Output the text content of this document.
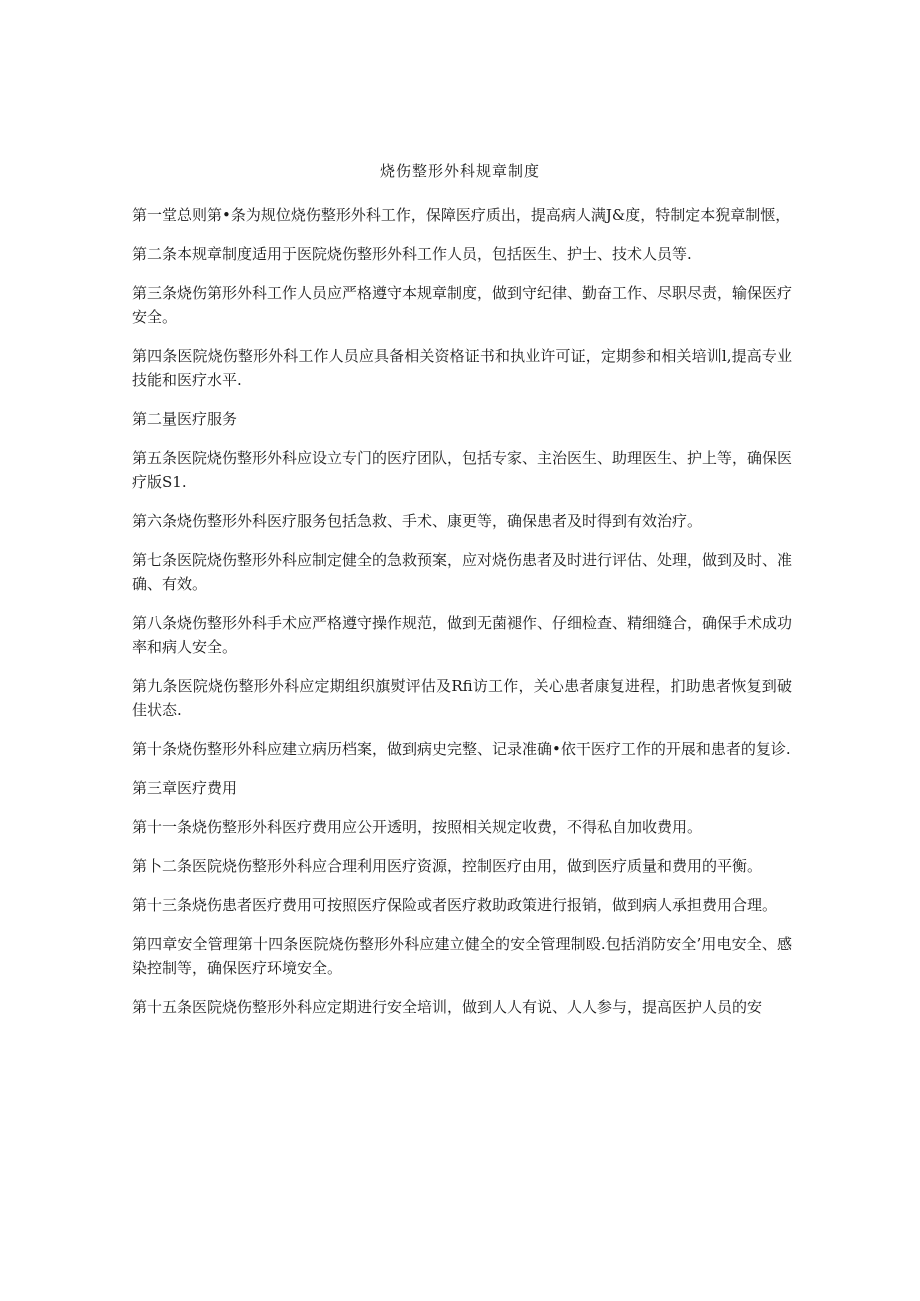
烧伤整形外科规章制度

第一堂总则第•条为规位烧伤整形外科工作，保障医疗质出，提高病人满J&度，特制定本猊章制惬，

第二条本规章制度适用于医院烧伤整形外科工作人员，包括医生、护士、技术人员等.

第三条烧伤第形外科工作人员应严格遵守本规章制度，做到守纪律、勤奋工作、尽职尽责，输保医疗安全。

第四条医院烧伤整形外科工作人员应具备相关资格证书和执业许可证，定期参和相关培训l,提高专业技能和医疗水平.

第二量医疗服务

第五条医院烧伤整形外科应设立专门的医疗团队，包括专家、主治医生、助理医生、护上等，确保医疗版S1.

第六条烧伤整形外科医疗服务包括急救、手术、康更等，确保患者及时得到有效治疗。

第七条医院烧伤整形外科应制定健全的急救预案，应对烧伤患者及时进行评估、处理，做到及时、准确、有效。

第八条烧伤整形外科手术应严格遵守操作规范，做到无菌褪作、仔细检查、精细缝合，确保手术成功率和病人安全。

第九条医院烧伤整形外科应定期组织旗熨评估及Rfi访工作，关心患者康复进程，扪助患者恢复到破佳状态.

第十条烧伤整形外科应建立病历档案，做到病史完整、记录准确•依干医疗工作的开展和患者的复诊.

第三章医疗费用

第十一条烧伤整形外科医疗费用应公开透明，按照相关规定收费，不得私自加收费用。

第卜二条医院烧伤整形外科应合理利用医疗资源，控制医疗由用，做到医疗质量和费用的平衡。

第十三条烧伤患者医疗费用可按照医疗保险或者医疗救助政策进行报销，做到病人承担费用合理。

第四章安全管理第十四条医院烧伤整形外科应建立健全的安全管理制殴.包括消防安全’用电安全、感染控制等，确保医疗环境安全。

第十五条医院烧伤整形外科应定期进行安全培训，做到人人有说、人人参与，提高医护人员的安
